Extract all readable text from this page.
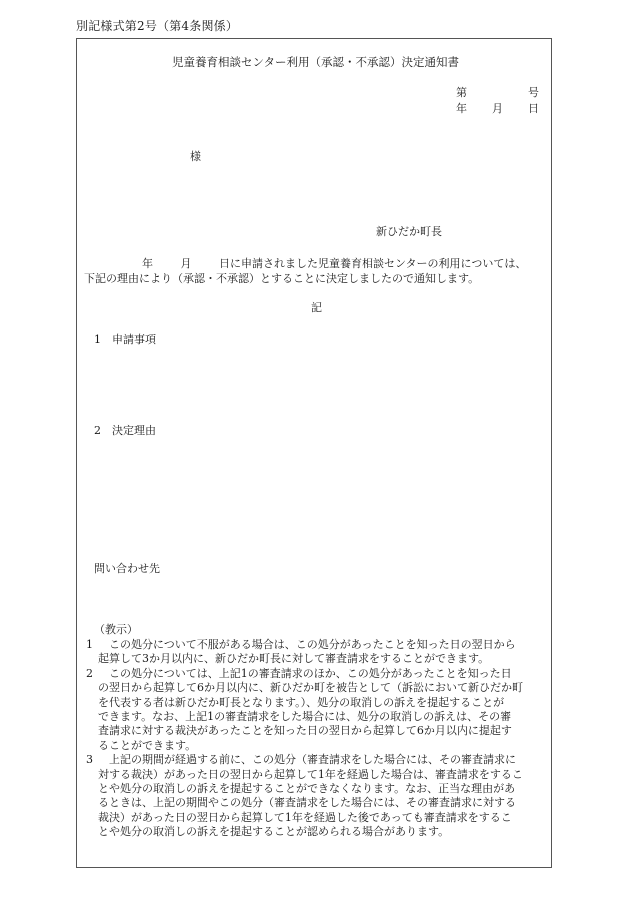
別記様式第2号（第4条関係）
児童養育相談センター利用（承認・不承認）決定通知書
第	号
年 月 日
様
新ひだか町長
年	月	日に申請されました児童養育相談センターの利用については、
下記の理由により（承認・不承認）とすることに決定しましたので通知します。
記
1　申請事項
2　決定理由
問い合わせ先
（教示）
1	この処分について不服がある場合は、この処分があったことを知った日の翌日から
起算して3か月以内に、新ひだか町長に対して審査請求をすることができます。
2	この処分については、上記1の審査請求のほか、この処分があったことを知った日
の翌日から起算して6か月以内に、新ひだか町を被告として（訴訟において新ひだか町
を代表する者は新ひだか町長となります。）、処分の取消しの訴えを提起することが
できます。なお、上記1の審査請求をした場合には、処分の取消しの訴えは、その審
査請求に対する裁決があったことを知った日の翌日から起算して6か月以内に提起す
ることができます。
3	上記の期間が経過する前に、この処分（審査請求をした場合には、その審査請求に
対する裁決）があった日の翌日から起算して1年を経過した場合は、審査請求をするこ
とや処分の取消しの訴えを提起することができなくなります。なお、正当な理由があ
るときは、上記の期間やこの処分（審査請求をした場合には、その審査請求に対する
裁決）があった日の翌日から起算して1年を経過した後であっても審査請求をするこ
とや処分の取消しの訴えを提起することが認められる場合があります。
